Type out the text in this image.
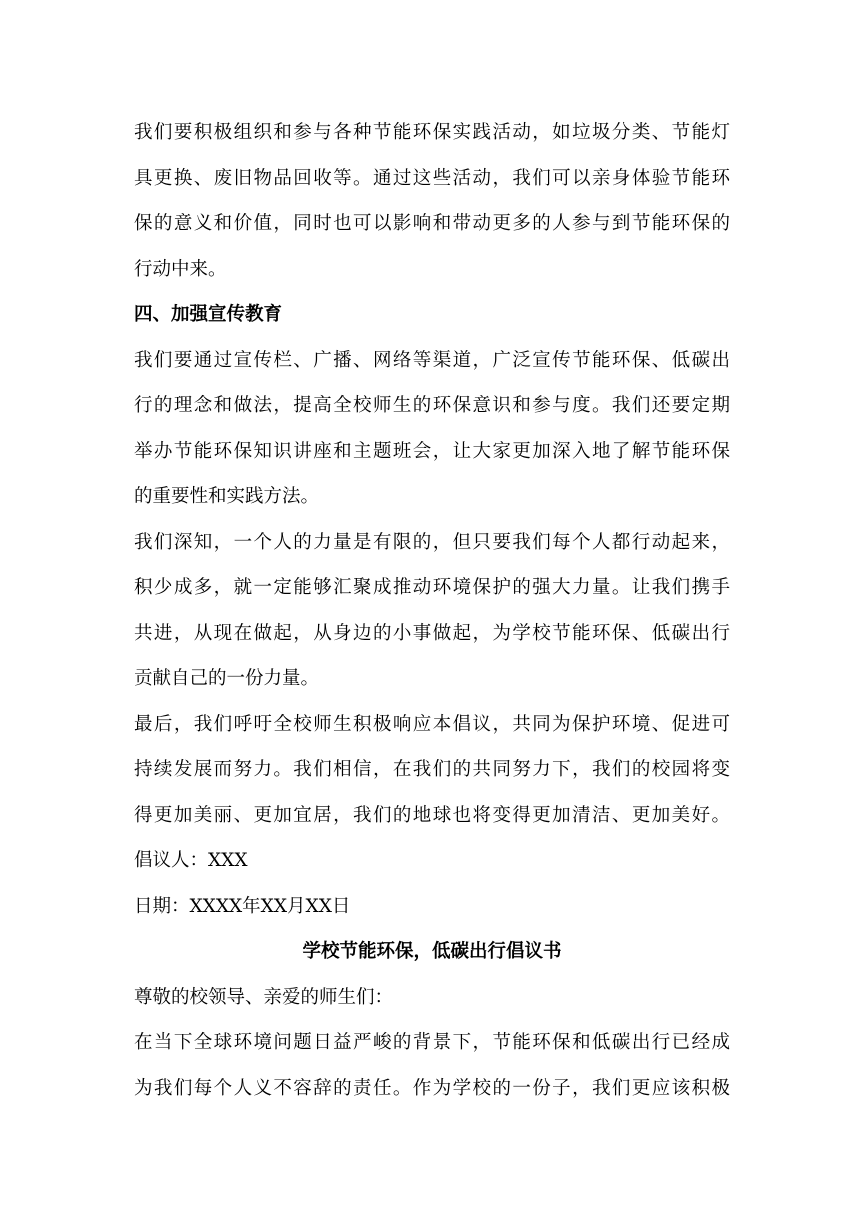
我们要积极组织和参与各种节能环保实践活动，如垃圾分类、节能灯

具更换、废旧物品回收等。通过这些活动，我们可以亲身体验节能环

保的意义和价值，同时也可以影响和带动更多的人参与到节能环保的

行动中来。

四、加强宣传教育

我们要通过宣传栏、广播、网络等渠道，广泛宣传节能环保、低碳出

行的理念和做法，提高全校师生的环保意识和参与度。我们还要定期

举办节能环保知识讲座和主题班会，让大家更加深入地了解节能环保

的重要性和实践方法。

我们深知，一个人的力量是有限的，但只要我们每个人都行动起来，

积少成多，就一定能够汇聚成推动环境保护的强大力量。让我们携手

共进，从现在做起，从身边的小事做起，为学校节能环保、低碳出行

贡献自己的一份力量。

最后，我们呼吁全校师生积极响应本倡议，共同为保护环境、促进可

持续发展而努力。我们相信，在我们的共同努力下，我们的校园将变

得更加美丽、更加宜居，我们的地球也将变得更加清洁、更加美好。

倡议人：XXX

日期：XXXX年XX月XX日

学校节能环保，低碳出行倡议书

尊敬的校领导、亲爱的师生们：

在当下全球环境问题日益严峻的背景下，节能环保和低碳出行已经成

为我们每个人义不容辞的责任。作为学校的一份子，我们更应该积极
